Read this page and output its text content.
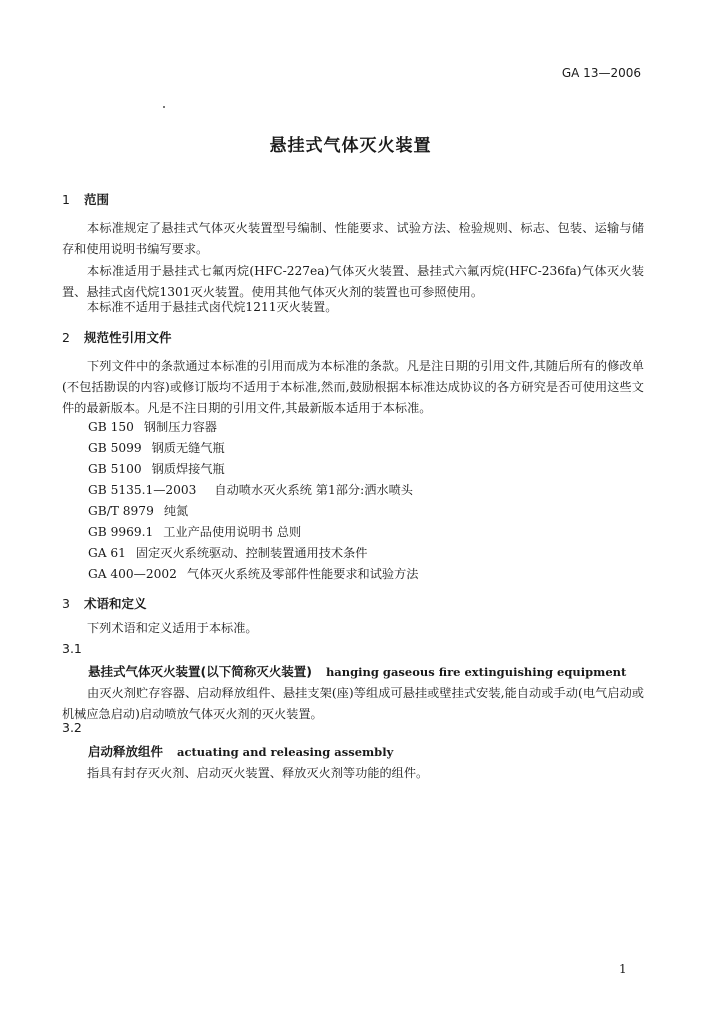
GA 13—2006
悬挂式气体灭火装置
1 范围
本标准规定了悬挂式气体灭火装置型号编制、性能要求、试验方法、检验规则、标志、包装、运输与储存和使用说明书编写要求。
本标准适用于悬挂式七氟丙烷(HFC-227ea)气体灭火装置、悬挂式六氟丙烷(HFC-236fa)气体灭火装置、悬挂式卤代烷1301灭火装置。使用其他气体灭火剂的装置也可参照使用。
本标准不适用于悬挂式卤代烷1211灭火装置。
2 规范性引用文件
下列文件中的条款通过本标准的引用而成为本标准的条款。凡是注日期的引用文件,其随后所有的修改单(不包括勘误的内容)或修订版均不适用于本标准,然而,鼓励根据本标准达成协议的各方研究是否可使用这些文件的最新版本。凡是不注日期的引用文件,其最新版本适用于本标准。
GB 150 钢制压力容器
GB 5099 钢质无缝气瓶
GB 5100 钢质焊接气瓶
GB 5135.1—2003 自动喷水灭火系统 第1部分:洒水喷头
GB/T 8979 纯氮
GB 9969.1 工业产品使用说明书 总则
GA 61 固定灭火系统驱动、控制装置通用技术条件
GA 400—2002 气体灭火系统及零部件性能要求和试验方法
3 术语和定义
下列术语和定义适用于本标准。
3.1
悬挂式气体灭火装置(以下简称灭火装置) hanging gaseous fire extinguishing equipment
由灭火剂贮存容器、启动释放组件、悬挂支架(座)等组成可悬挂或壁挂式安装,能自动或手动(电气启动或机械应急启动)启动喷放气体灭火剂的灭火装置。
3.2
启动释放组件 actuating and releasing assembly
指具有封存灭火剂、启动灭火装置、释放灭火剂等功能的组件。
1
